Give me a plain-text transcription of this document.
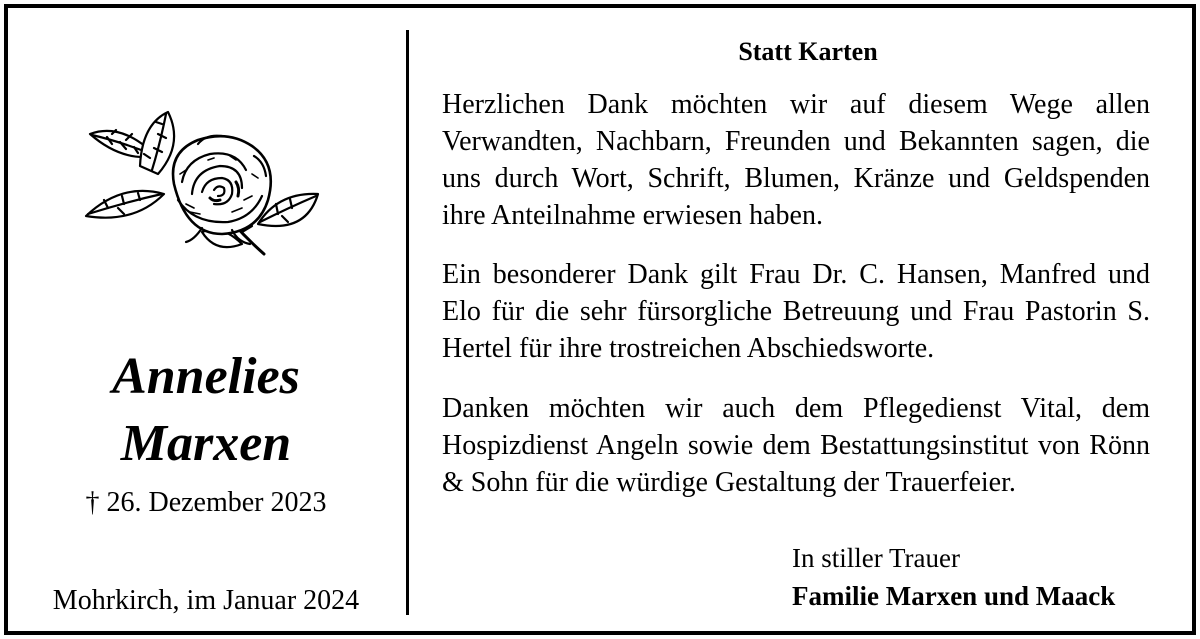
Annelies
Marxen
† 26. Dezember 2023
Mohrkirch, im Januar 2024
Statt Karten
Herzlichen Dank möchten wir auf diesem Wege allen Verwandten, Nachbarn, Freunden und Bekannten sagen, die uns durch Wort, Schrift, Blumen, Kränze und Geldspenden ihre Anteilnahme erwiesen haben.
Ein besonderer Dank gilt Frau Dr. C. Hansen, Manfred und Elo für die sehr fürsorgliche Betreuung und Frau Pastorin S. Hertel für ihre trostreichen Abschiedsworte.
Danken möchten wir auch dem Pflegedienst Vital, dem Hospizdienst Angeln sowie dem Bestattungsinstitut von Rönn & Sohn für die würdige Gestaltung der Trauerfeier.
In stiller Trauer
Familie Marxen und Maack
